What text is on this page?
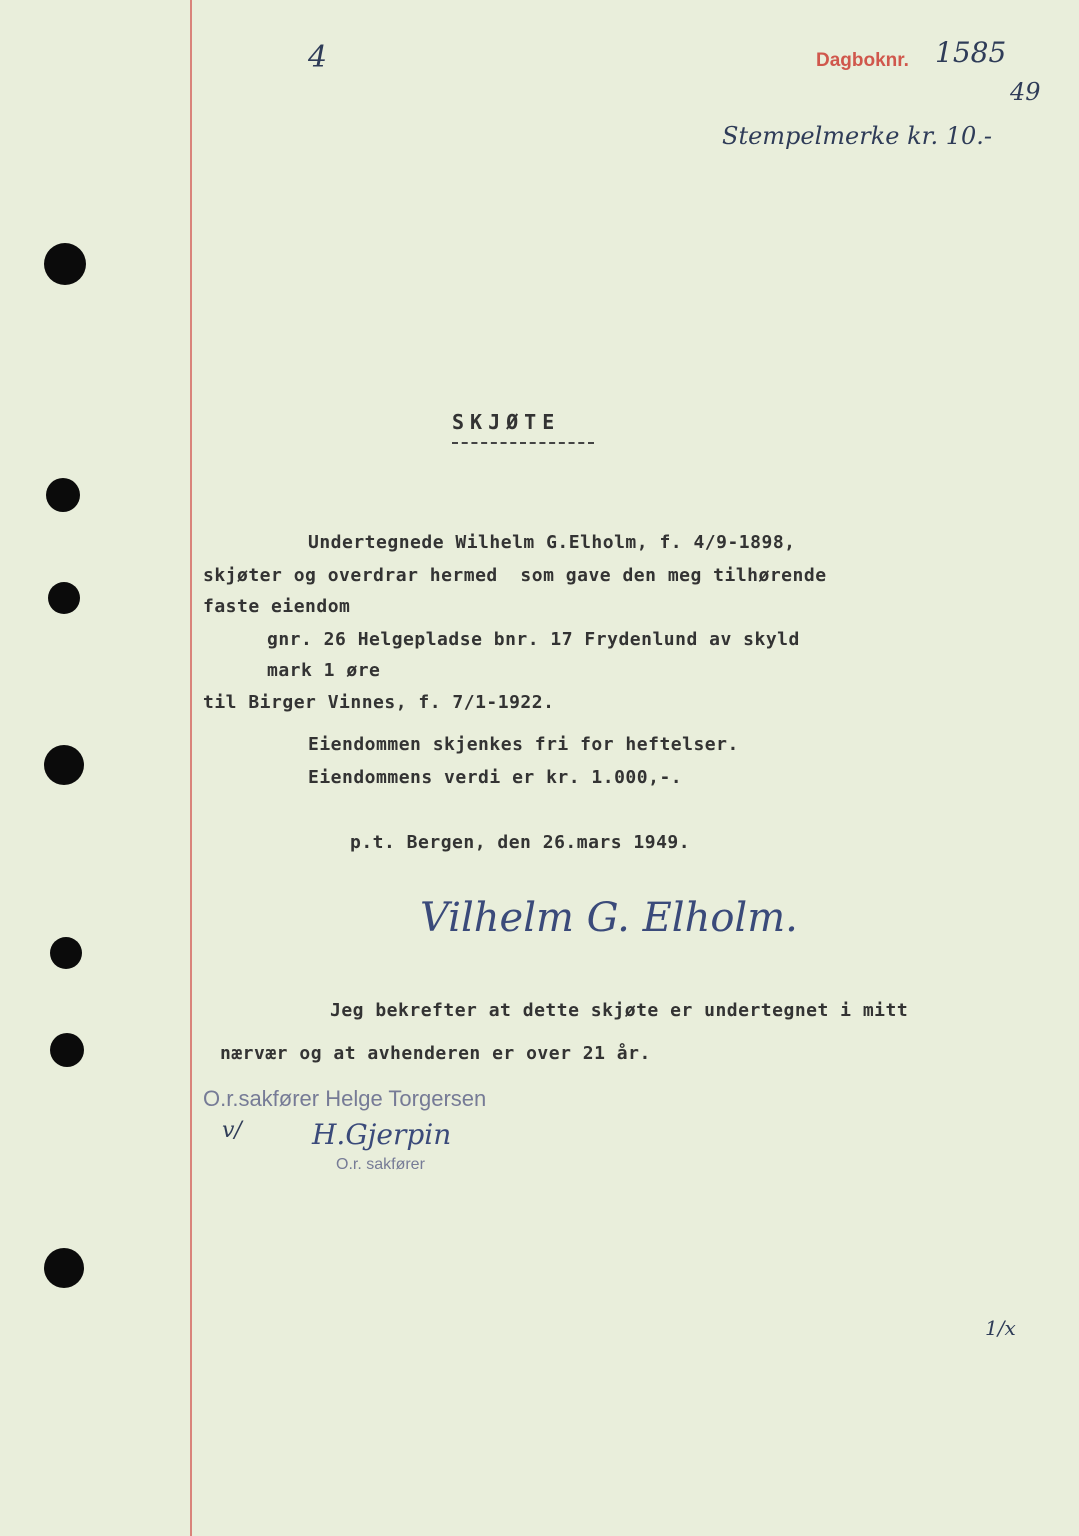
4	Dagboknr. 1585
49
Stempelmerke kr. 10.-
SKJØTE
Undertegnede Wilhelm G.Elholm, f. 4/9-1898,
skjøter og overdrar hermed  som gave den meg tilhørende
faste eiendom
gnr. 26 Helgeplad⁠se bnr. 17 Frydenlund av skyld
mark 1 øre
til Birger Vinnes, f. 7/1-1922.
Eiendommen skjenkes fri for heftelser.
Eiendommens verdi er kr. 1.000,-.
p.t. Bergen, den 26.mars 1949.
Vilhelm G. Elholm.
Jeg bekrefter at dette skjøte er undertegnet i mitt
nærvær og at avhenderen er over 21 år.
O.r.sakfører Helge Torgersen
v/	H.Gjerpin
O.r. sakfører
1/x
